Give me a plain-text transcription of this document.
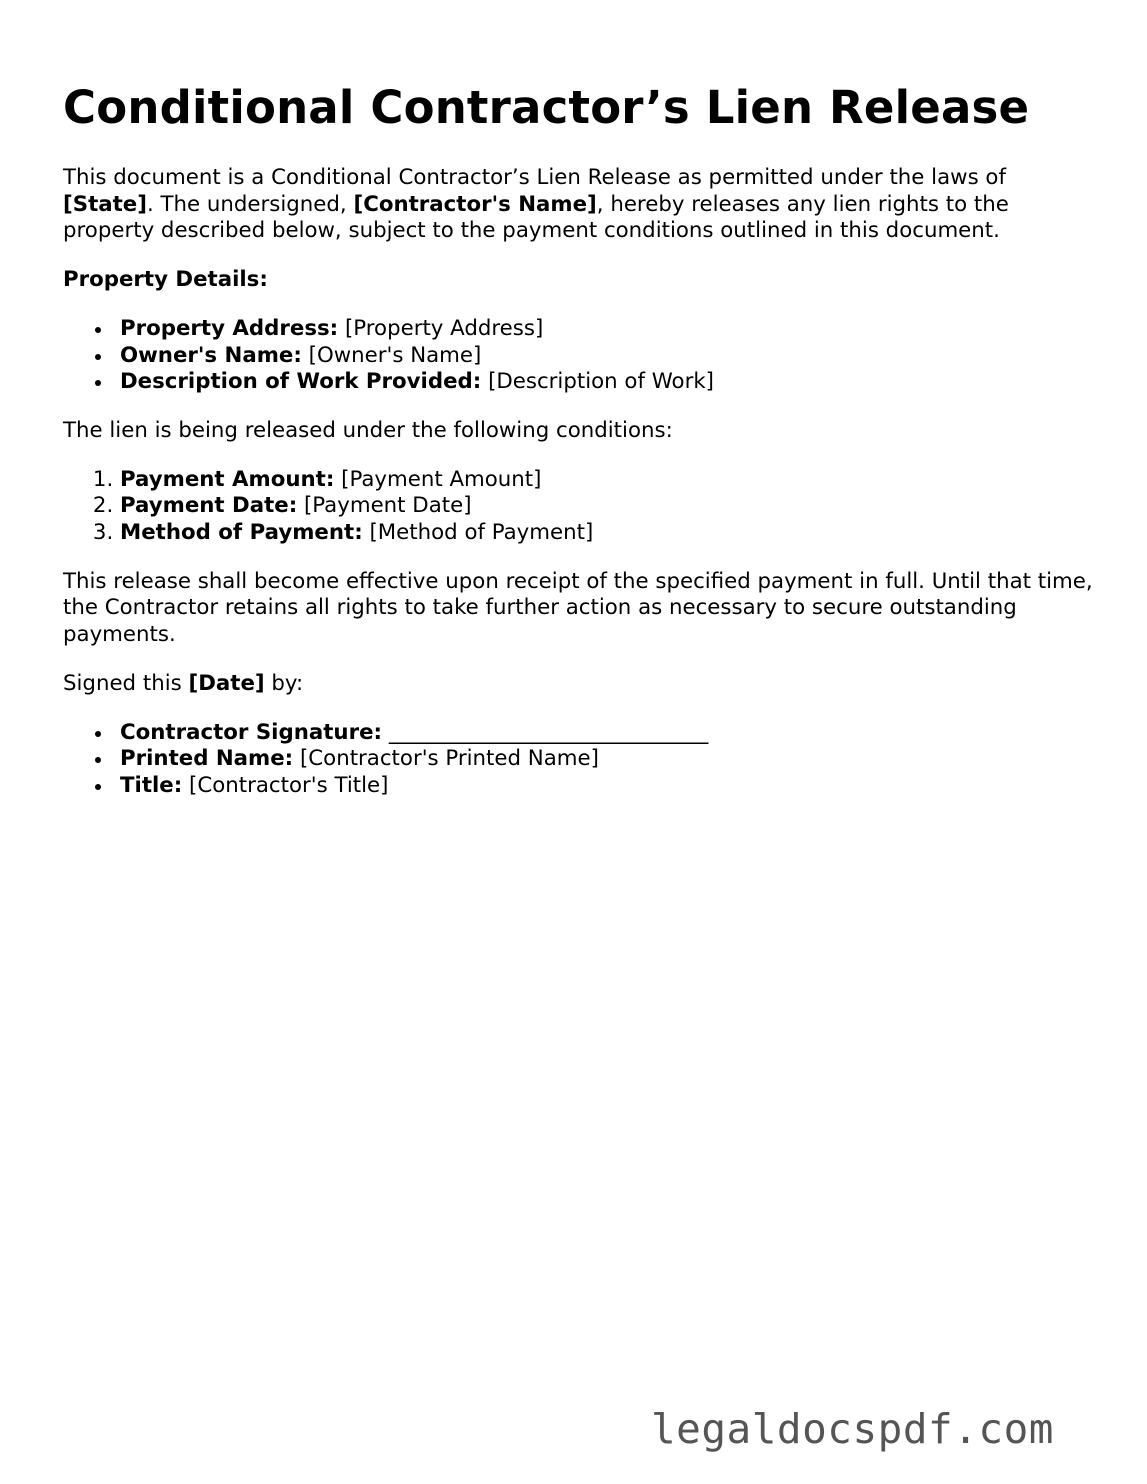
Conditional Contractor’s Lien Release

This document is a Conditional Contractor’s Lien Release as permitted under the laws of [State]. The undersigned, [Contractor's Name], hereby releases any lien rights to the property described below, subject to the payment conditions outlined in this document.

Property Details:

Property Address: [Property Address]
Owner's Name: [Owner's Name]
Description of Work Provided: [Description of Work]

The lien is being released under the following conditions:

1. Payment Amount: [Payment Amount]
2. Payment Date: [Payment Date]
3. Method of Payment: [Method of Payment]

This release shall become effective upon receipt of the specified payment in full. Until that time, the Contractor retains all rights to take further action as necessary to secure outstanding payments.

Signed this [Date] by:

Contractor Signature: ______________________________
Printed Name: [Contractor's Printed Name]
Title: [Contractor's Title]
legaldocspdf.com
